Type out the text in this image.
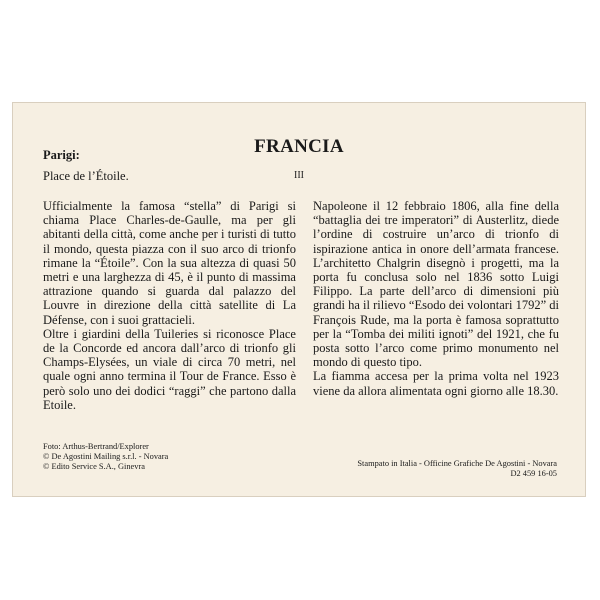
FRANCIA
Parigi:
Place de l’Étoile.	III

Ufficialmente la famosa “stella” di Parigi si chiama Place Charles-de-Gaulle, ma per gli abitanti della città, come anche per i turisti di tutto il mondo, questa piazza con il suo arco di trionfo rimane la “Étoile”. Con la sua altezza di quasi 50 metri e una larghezza di 45, è il punto di massima attrazione quando si guarda dal palazzo del Louvre in direzione della città satellite di La Défense, con i suoi grattacieli.

Oltre i giardini della Tuileries si riconosce Place de la Concorde ed ancora dall’arco di trionfo gli Champs-Elysées, un viale di circa 70 metri, nel quale ogni anno termina il Tour de France. Esso è però solo uno dei dodici “raggi” che partono dalla Etoile.

Napoleone il 12 febbraio 1806, alla fine della “battaglia dei tre imperatori” di Austerlitz, diede l’ordine di costruire un’arco di trionfo di ispirazione antica in onore dell’armata francese. L’architetto Chalgrin disegnò i progetti, ma la porta fu conclusa solo nel 1836 sotto Luigi Filippo. La parte dell’arco di dimensioni più grandi ha il rilievo “Esodo dei volontari 1792” di François Rude, ma la porta è famosa soprattutto per la “Tomba dei militi ignoti” del 1921, che fu posta sotto l’arco come primo monumento nel mondo di questo tipo.

La fiamma accesa per la prima volta nel 1923 viene da allora alimentata ogni giorno alle 18.30.

Foto: Arthus-Bertrand/Explorer
© De Agostini Mailing s.r.l. - Novara
© Edito Service S.A., Ginevra	Stampato in Italia - Officine Grafiche De Agostini - Novara
D2 459 16-05
